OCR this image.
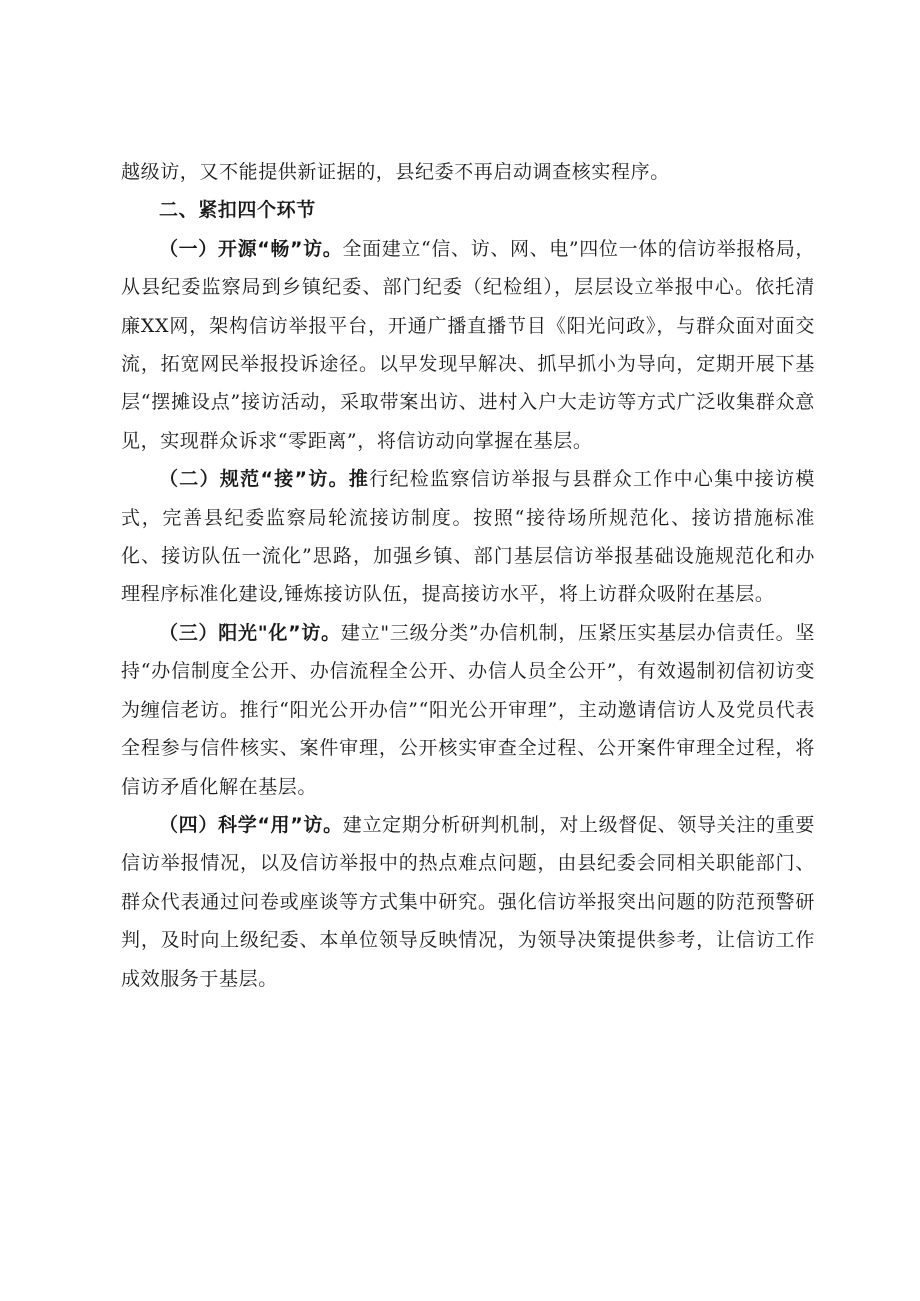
越级访，又不能提供新证据的，县纪委不再启动调查核实程序。

二、紧扣四个环节

（一）开源“畅”访。全面建立“信、访、网、电”四位一体的信访举报格局，从县纪委监察局到乡镇纪委、部门纪委（纪检组），层层设立举报中心。依托清廉XX网，架构信访举报平台，开通广播直播节目《阳光问政》，与群众面对面交流，拓宽网民举报投诉途径。以早发现早解决、抓早抓小为导向，定期开展下基层“摆摊设点”接访活动，采取带案出访、进村入户大走访等方式广泛收集群众意见，实现群众诉求“零距离”，将信访动向掌握在基层。

（二）规范“接”访。推行纪检监察信访举报与县群众工作中心集中接访模式，完善县纪委监察局轮流接访制度。按照“接待场所规范化、接访措施标准化、接访队伍一流化”思路，加强乡镇、部门基层信访举报基础设施规范化和办理程序标准化建设,锤炼接访队伍，提高接访水平，将上访群众吸附在基层。

（三）阳光"化”访。建立"三级分类”办信机制，压紧压实基层办信责任。坚持“办信制度全公开、办信流程全公开、办信人员全公开”，有效遏制初信初访变为缠信老访。推行“阳光公开办信”“阳光公开审理”，主动邀请信访人及党员代表全程参与信件核实、案件审理，公开核实审查全过程、公开案件审理全过程，将信访矛盾化解在基层。

（四）科学“用”访。建立定期分析研判机制，对上级督促、领导关注的重要信访举报情况，以及信访举报中的热点难点问题，由县纪委会同相关职能部门、群众代表通过问卷或座谈等方式集中研究。强化信访举报突出问题的防范预警研判，及时向上级纪委、本单位领导反映情况，为领导决策提供参考，让信访工作成效服务于基层。
